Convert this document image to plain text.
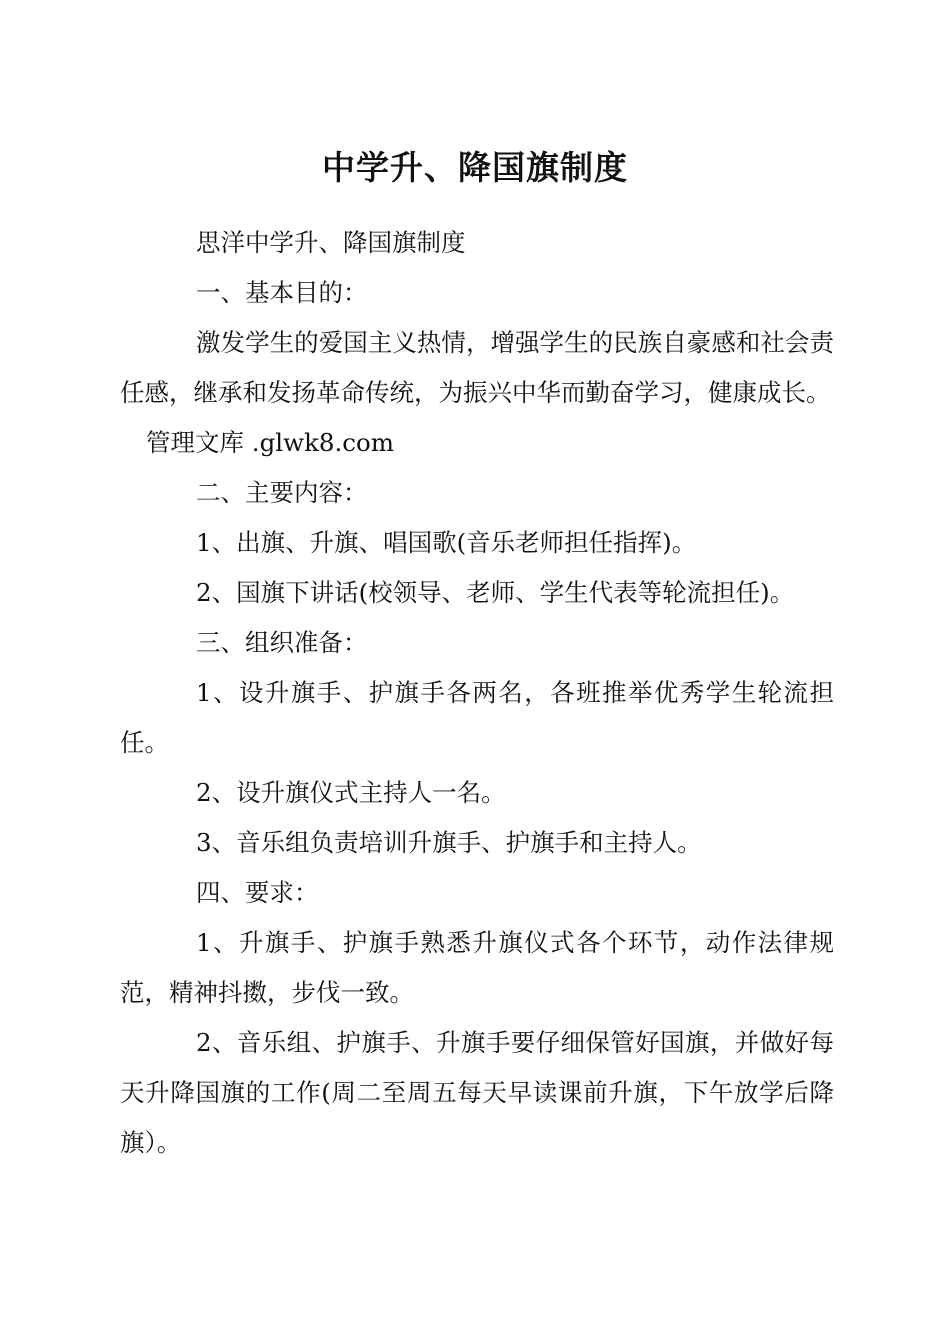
中学升、降国旗制度

思洋中学升、降国旗制度

一、基本目的：

激发学生的爱国主义热情，增强学生的民族自豪感和社会责任感，继承和发扬革命传统，为振兴中华而勤奋学习，健康成长。

管理文库 .glwk8.com

二、主要内容：

1、出旗、升旗、唱国歌(音乐老师担任指挥)。

2、国旗下讲话(校领导、老师、学生代表等轮流担任)。

三、组织准备：

1、设升旗手、护旗手各两名，各班推举优秀学生轮流担任。

2、设升旗仪式主持人一名。

3、音乐组负责培训升旗手、护旗手和主持人。

四、要求：

1、升旗手、护旗手熟悉升旗仪式各个环节，动作法律规范，精神抖擞，步伐一致。

2、音乐组、护旗手、升旗手要仔细保管好国旗，并做好每天升降国旗的工作(周二至周五每天早读课前升旗，下午放学后降旗）。
